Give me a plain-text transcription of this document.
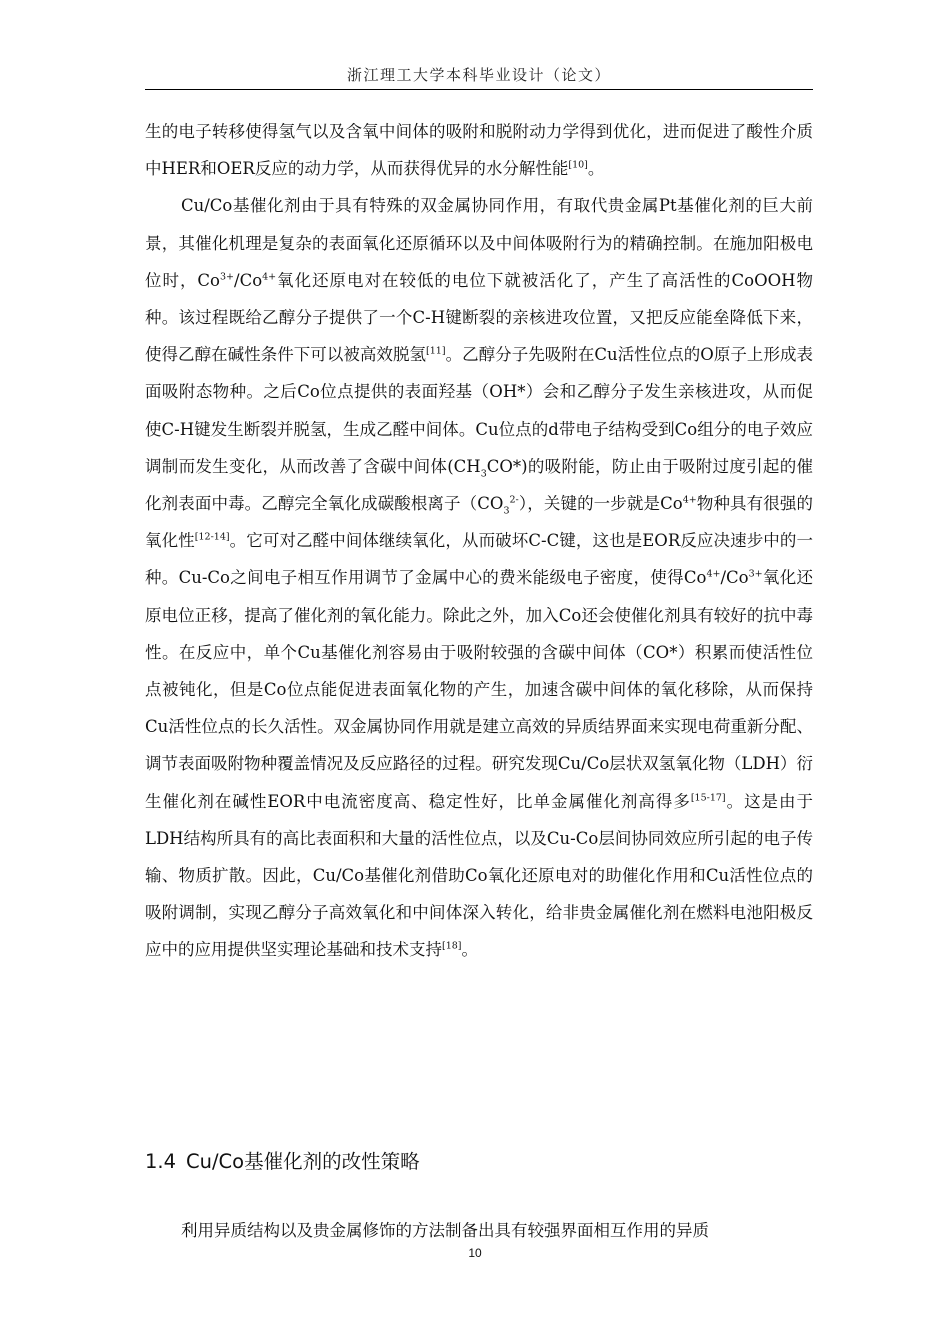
浙江理工大学本科毕业设计（论文）

生的电子转移使得氢气以及含氧中间体的吸附和脱附动力学得到优化，进而促进了酸性介质中HER和OER反应的动力学，从而获得优异的水分解性能[10]。

Cu/Co基催化剂由于具有特殊的双金属协同作用，有取代贵金属Pt基催化剂的巨大前景，其催化机理是复杂的表面氧化还原循环以及中间体吸附行为的精确控制。在施加阳极电位时，$Co^{3+}/Co^{4+}$氧化还原电对在较低的电位下就被活化了，产生了高活性的CoOOH物种。该过程既给乙醇分子提供了一个C-H键断裂的亲核进攻位置，又把反应能垒降低下来，使得乙醇在碱性条件下可以被高效脱氢[11]。乙醇分子先吸附在Cu活性位点的O原子上形成表面吸附态物种。之后Co位点提供的表面羟基（OH*）会和乙醇分子发生亲核进攻，从而促使C-H键发生断裂并脱氢，生成乙醛中间体。Cu位点的d带电子结构受到Co组分的电子效应调制而发生变化，从而改善了含碳中间体$(CH_3CO*)$的吸附能，防止由于吸附过度引起的催化剂表面中毒。乙醇完全氧化成碳酸根离子$(CO_3^{2-})$，关键的一步就是$Co^{4+}$物种具有很强的氧化性[12-14]。它可对乙醛中间体继续氧化，从而破坏C-C键，这也是EOR反应决速步中的一种。Cu-Co之间电子相互作用调节了金属中心的费米能级电子密度，使得$Co^{4+}/Co^{3+}$氧化还原电位正移，提高了催化剂的氧化能力。除此之外，加入Co还会使催化剂具有较好的抗中毒性。在反应中，单个Cu基催化剂容易由于吸附较强的含碳中间体（CO*）积累而使活性位点被钝化，但是Co位点能促进表面氧化物的产生，加速含碳中间体的氧化移除，从而保持Cu活性位点的长久活性。双金属协同作用就是建立高效的异质结界面来实现电荷重新分配、调节表面吸附物种覆盖情况及反应路径的过程。研究发现Cu/Co层状双氢氧化物（LDH）衍生催化剂在碱性EOR中电流密度高、稳定性好，比单金属催化剂高得多[15-17]。这是由于LDH结构所具有的高比表面积和大量的活性位点，以及Cu-Co层间协同效应所引起的电子传输、物质扩散。因此，Cu/Co基催化剂借助Co氧化还原电对的助催化作用和Cu活性位点的吸附调制，实现乙醇分子高效氧化和中间体深入转化，给非贵金属催化剂在燃料电池阳极反应中的应用提供坚实理论基础和技术支持[18]。

1.4 Cu/Co基催化剂的改性策略

利用异质结构以及贵金属修饰的方法制备出具有较强界面相互作用的异质

10
